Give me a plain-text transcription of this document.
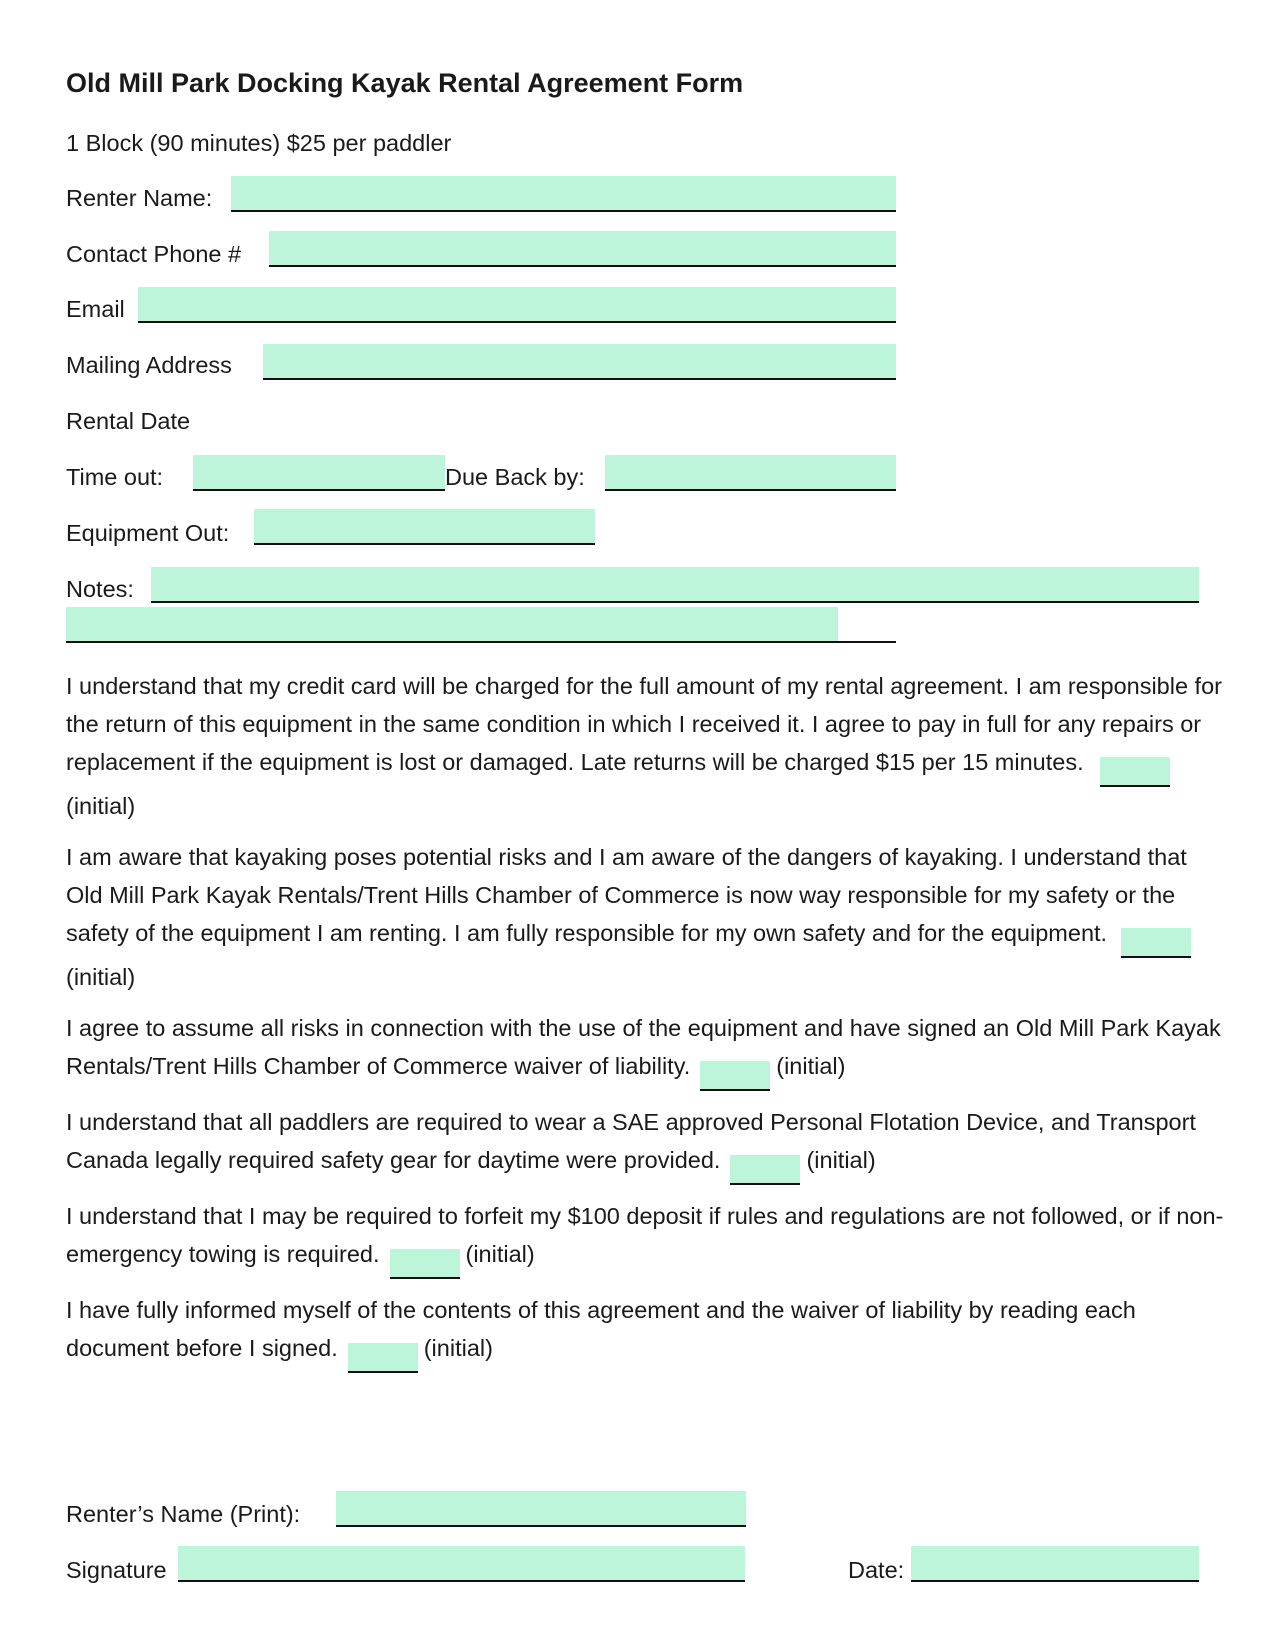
Old Mill Park Docking Kayak Rental Agreement Form
1 Block (90 minutes) $25 per paddler
Renter Name:
Contact Phone #
Email
Mailing Address
Rental Date
Time out:	Due Back by:
Equipment Out:
Notes:
I understand that my credit card will be charged for the full amount of my rental agreement. I am responsible for the return of this equipment in the same condition in which I received it. I agree to pay in full for any repairs or replacement if the equipment is lost or damaged. Late returns will be charged $15 per 15 minutes.(initial)
I am aware that kayaking poses potential risks and I am aware of the dangers of kayaking. I understand that Old Mill Park Kayak Rentals/Trent Hills Chamber of Commerce is now way responsible for my safety or the safety of the equipment I am renting. I am fully responsible for my own safety and for the equipment.(initial)
I agree to assume all risks in connection with the use of the equipment and have signed an Old Mill Park Kayak Rentals/Trent Hills Chamber of Commerce waiver of liability.	(initial)
I understand that all paddlers are required to wear a SAE approved Personal Flotation Device, and Transport Canada legally required safety gear for daytime were provided.	(initial)
I understand that I may be required to forfeit my $100 deposit if rules and regulations are not followed, or if non-emergency towing is required.	(initial)
I have fully informed myself of the contents of this agreement and the waiver of liability by reading each document before I signed.	(initial)
Renter’s Name (Print):
Signature	Date:
